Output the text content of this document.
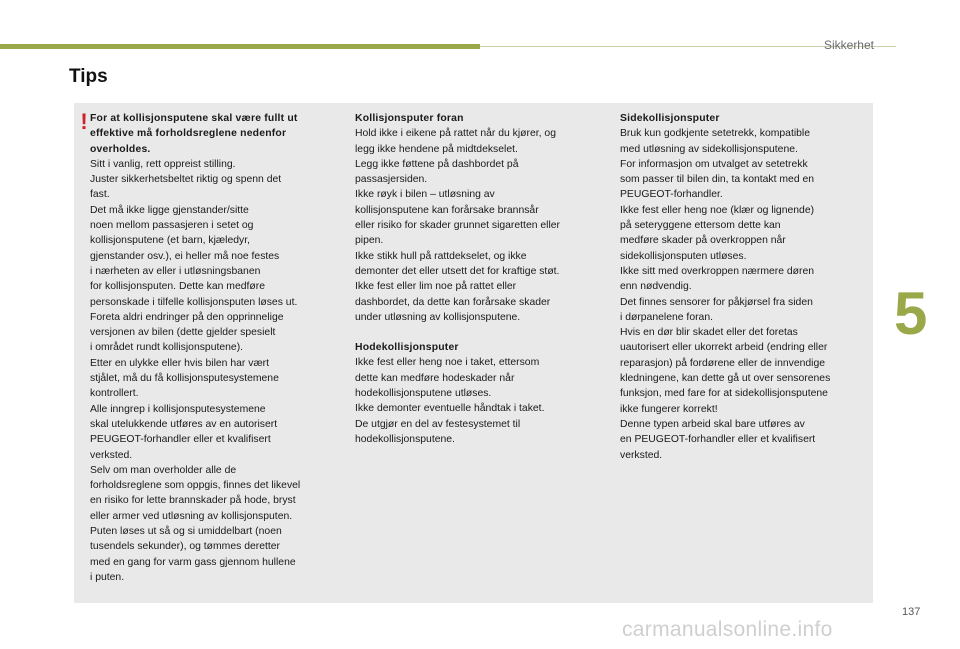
Sikkerhet
Tips
! For at kollisjonsputene skal være fullt ut
effektive må forholdsreglene nedenfor
overholdes.
Sitt i vanlig, rett oppreist stilling.
Juster sikkerhetsbeltet riktig og spenn det
fast.
Det må ikke ligge gjenstander/sitte
noen mellom passasjeren i setet og
kollisjonsputene (et barn, kjæledyr,
gjenstander osv.), ei heller må noe festes
i nærheten av eller i utløsningsbanen
for kollisjonsputen. Dette kan medføre
personskade i tilfelle kollisjonsputen løses ut.
Foreta aldri endringer på den opprinnelige
versjonen av bilen (dette gjelder spesielt
i området rundt kollisjonsputene).
Etter en ulykke eller hvis bilen har vært
stjålet, må du få kollisjonsputesystemene
kontrollert.
Alle inngrep i kollisjonsputesystemene
skal utelukkende utføres av en autorisert
PEUGEOT-forhandler eller et kvalifisert
verksted.
Selv om man overholder alle de
forholdsreglene som oppgis, finnes det likevel
en risiko for lette brannskader på hode, bryst
eller armer ved utløsning av kollisjonsputen.
Puten løses ut så og si umiddelbart (noen
tusendels sekunder), og tømmes deretter
med en gang for varm gass gjennom hullene
i puten.
Kollisjonsputer foran
Hold ikke i eikene på rattet når du kjører, og
legg ikke hendene på midtdekselet.
Legg ikke føttene på dashbordet på
passasjersiden.
Ikke røyk i bilen – utløsning av
kollisjonsputene kan forårsake brannsår
eller risiko for skader grunnet sigaretten eller
pipen.
Ikke stikk hull på rattdekselet, og ikke
demonter det eller utsett det for kraftige støt.
Ikke fest eller lim noe på rattet eller
dashbordet, da dette kan forårsake skader
under utløsning av kollisjonsputene.
Hodekollisjonsputer
Ikke fest eller heng noe i taket, ettersom
dette kan medføre hodeskader når
hodekollisjonsputene utløses.
Ikke demonter eventuelle håndtak i taket.
De utgjør en del av festesystemet til
hodekollisjonsputene.
Sidekollisjonsputer
Bruk kun godkjente setetrekk, kompatible
med utløsning av sidekollisjonsputene.
For informasjon om utvalget av setetrekk
som passer til bilen din, ta kontakt med en
PEUGEOT-forhandler.
Ikke fest eller heng noe (klær og lignende)
på seteryggene ettersom dette kan
medføre skader på overkroppen når
sidekollisjonsputen utløses.
Ikke sitt med overkroppen nærmere døren
enn nødvendig.
Det finnes sensorer for påkjørsel fra siden
i dørpanelene foran.
Hvis en dør blir skadet eller det foretas
uautorisert eller ukorrekt arbeid (endring eller
reparasjon) på fordørene eller de innvendige
kledningene, kan dette gå ut over sensorenes
funksjon, med fare for at sidekollisjonsputene
ikke fungerer korrekt!
Denne typen arbeid skal bare utføres av
en PEUGEOT-forhandler eller et kvalifisert
verksted.
5
137
carmanualsonline.info
